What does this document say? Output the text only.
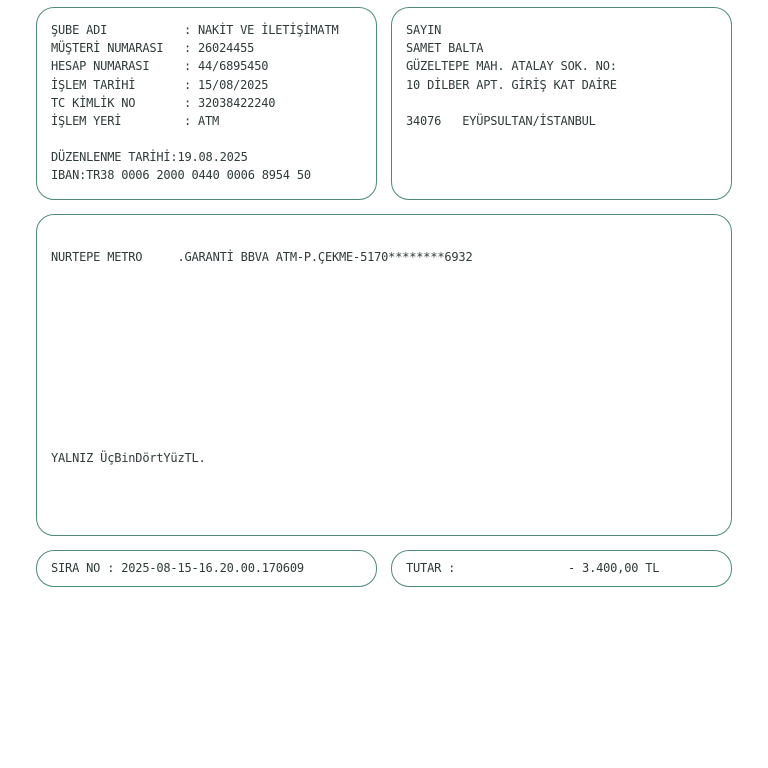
ŞUBE ADI	: NAKİT VE İLETİŞİMATM
MÜŞTERİ NUMARASI : 26024455
HESAP NUMARASI	: 44/6895450
İŞLEM TARİHİ	: 15/08/2025
TC KİMLİK NO	: 32038422240
İŞLEM YERİ	: ATM
DÜZENLENME TARİHİ:19.08.2025
IBAN:TR38 0006 2000 0440 0006 8954 50
SAYIN
SAMET BALTA
GÜZELTEPE MAH. ATALAY SOK. NO:
10 DİLBER APT. GİRİŞ KAT DAİRE
34076   EYÜPSULTAN/İSTANBUL
NURTEPE METRO     .GARANTİ BBVA ATM-P.ÇEKME-5170********6932
YALNIZ ÜçBinDörtYüzTL.
SIRA NO : 2025-08-15-16.20.00.170609	TUTAR :	- 3.400,00 TL
